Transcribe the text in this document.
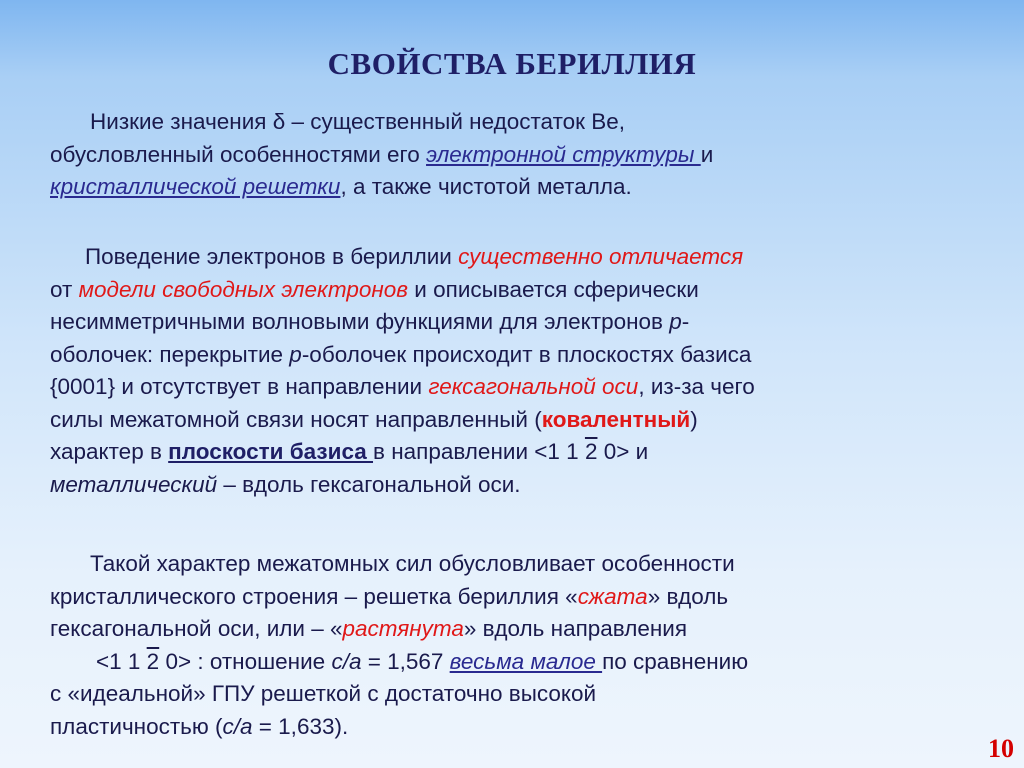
СВОЙСТВА БЕРИЛЛИЯ
Низкие значения δ – существенный недостаток Be,
обусловленный особенностями его электронной структуры и
кристаллической решетки, а также чистотой металла.
Поведение электронов в бериллии существенно отличается
от модели свободных электронов и описывается сферически
несимметричными волновыми функциями для электронов p-
оболочек: перекрытие p-оболочек происходит в плоскостях базиса
{0001} и отсутствует в направлении гексагональной оси, из-за чего
силы межатомной связи носят направленный (ковалентный)
характер в плоскости базиса в направлении <1 1 2 0> и
металлический – вдоль гексагональной оси.
Такой характер межатомных сил обусловливает особенности
кристаллического строения – решетка бериллия «сжата» вдоль
гексагональной оси, или – «растянута» вдоль направления
<1 1 2 0> : отношение c/a = 1,567 весьма малое по сравнению
с «идеальной» ГПУ решеткой с достаточно высокой
пластичностью (c/a = 1,633).
10
